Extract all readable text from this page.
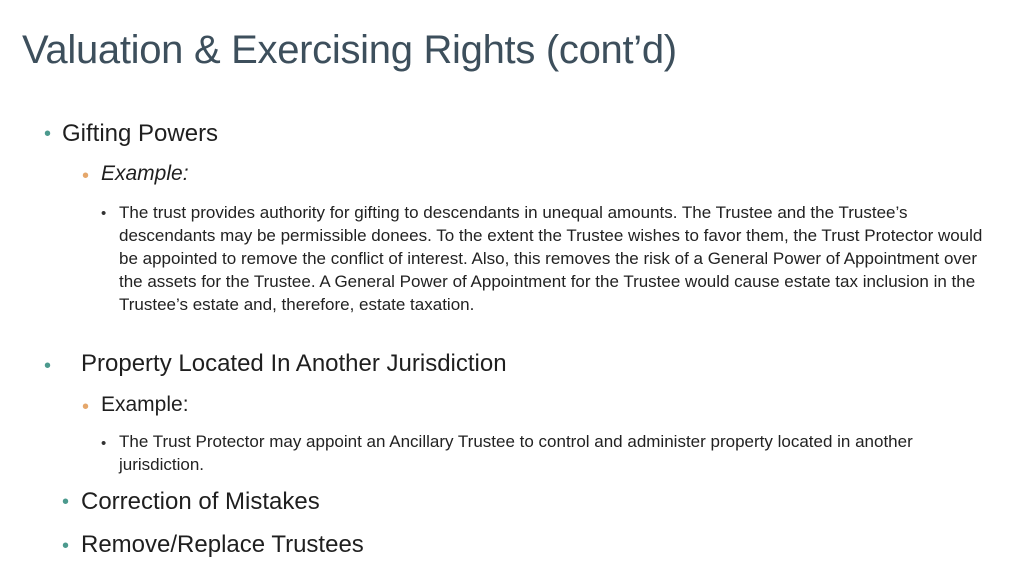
Valuation & Exercising Rights (cont’d)
• Gifting Powers
• Example:
• The trust provides authority for gifting to descendants in unequal amounts. The Trustee and the Trustee’s descendants may be permissible donees. To the extent the Trustee wishes to favor them, the Trust Protector would be appointed to remove the conflict of interest. Also, this removes the risk of a General Power of Appointment over the assets for the Trustee. A General Power of Appointment for the Trustee would cause estate tax inclusion in the Trustee’s estate and, therefore, estate taxation.
• Property Located In Another Jurisdiction
• Example:
• The Trust Protector may appoint an Ancillary Trustee to control and administer property located in another jurisdiction.
• Correction of Mistakes
• Remove/Replace Trustees
